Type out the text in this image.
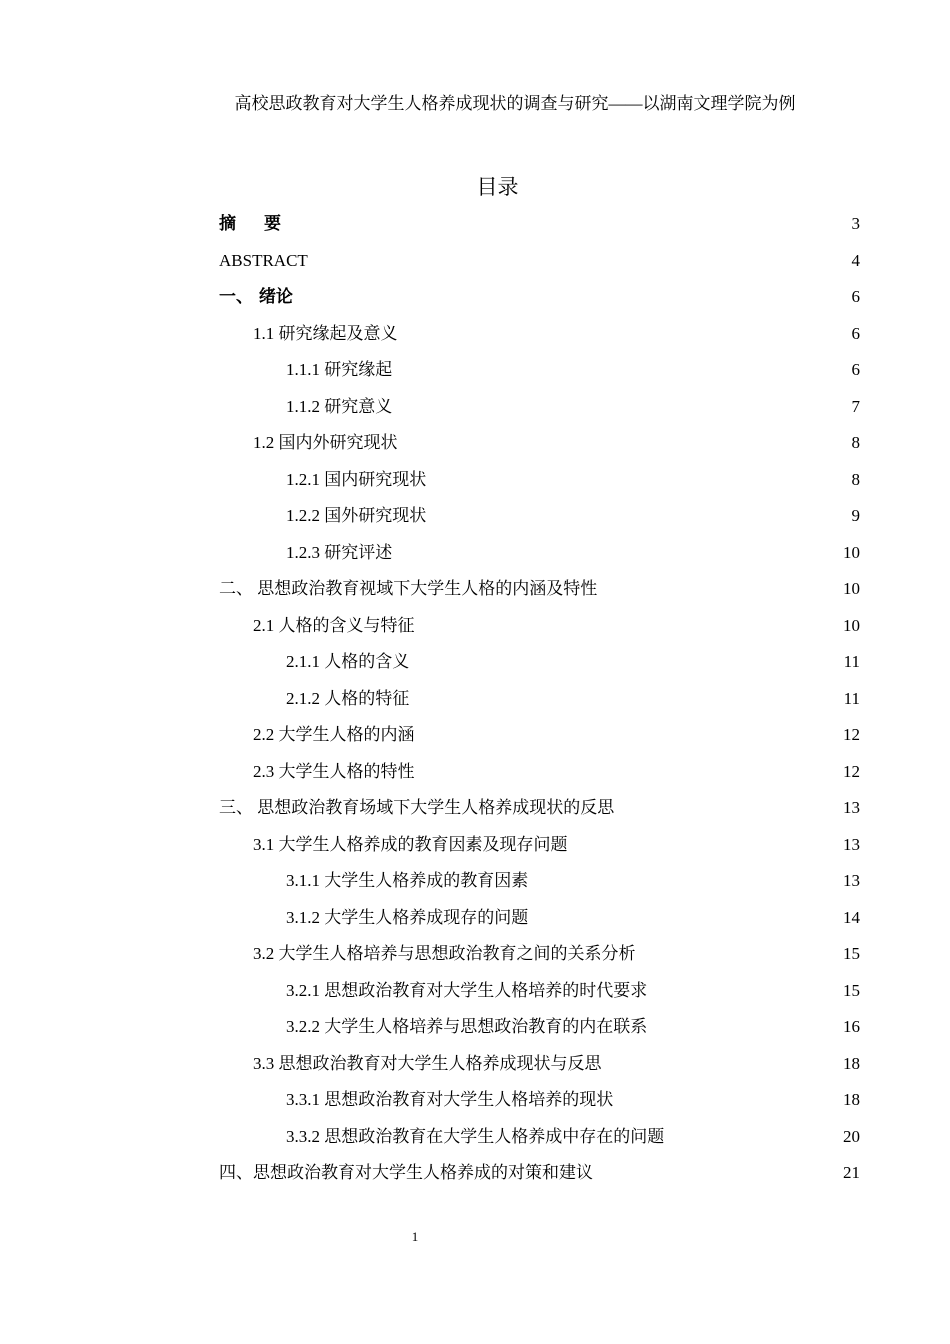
高校思政教育对大学生人格养成现状的调查与研究——以湖南文理学院为例
目录
摘 要	3
ABSTRACT	4
一、 绪论	6
1.1 研究缘起及意义	6
1.1.1 研究缘起	6
1.1.2 研究意义	7
1.2 国内外研究现状	8
1.2.1 国内研究现状	8
1.2.2 国外研究现状	9
1.2.3 研究评述	10
二、 思想政治教育视域下大学生人格的内涵及特性	10
2.1 人格的含义与特征	10
2.1.1 人格的含义	11
2.1.2 人格的特征	11
2.2 大学生人格的内涵	12
2.3 大学生人格的特性	12
三、 思想政治教育场域下大学生人格养成现状的反思	13
3.1 大学生人格养成的教育因素及现存问题	13
3.1.1 大学生人格养成的教育因素	13
3.1.2 大学生人格养成现存的问题	14
3.2 大学生人格培养与思想政治教育之间的关系分析	15
3.2.1 思想政治教育对大学生人格培养的时代要求	15
3.2.2 大学生人格培养与思想政治教育的内在联系	16
3.3 思想政治教育对大学生人格养成现状与反思	18
3.3.1 思想政治教育对大学生人格培养的现状	18
3.3.2 思想政治教育在大学生人格养成中存在的问题	20
四、思想政治教育对大学生人格养成的对策和建议	21
1
